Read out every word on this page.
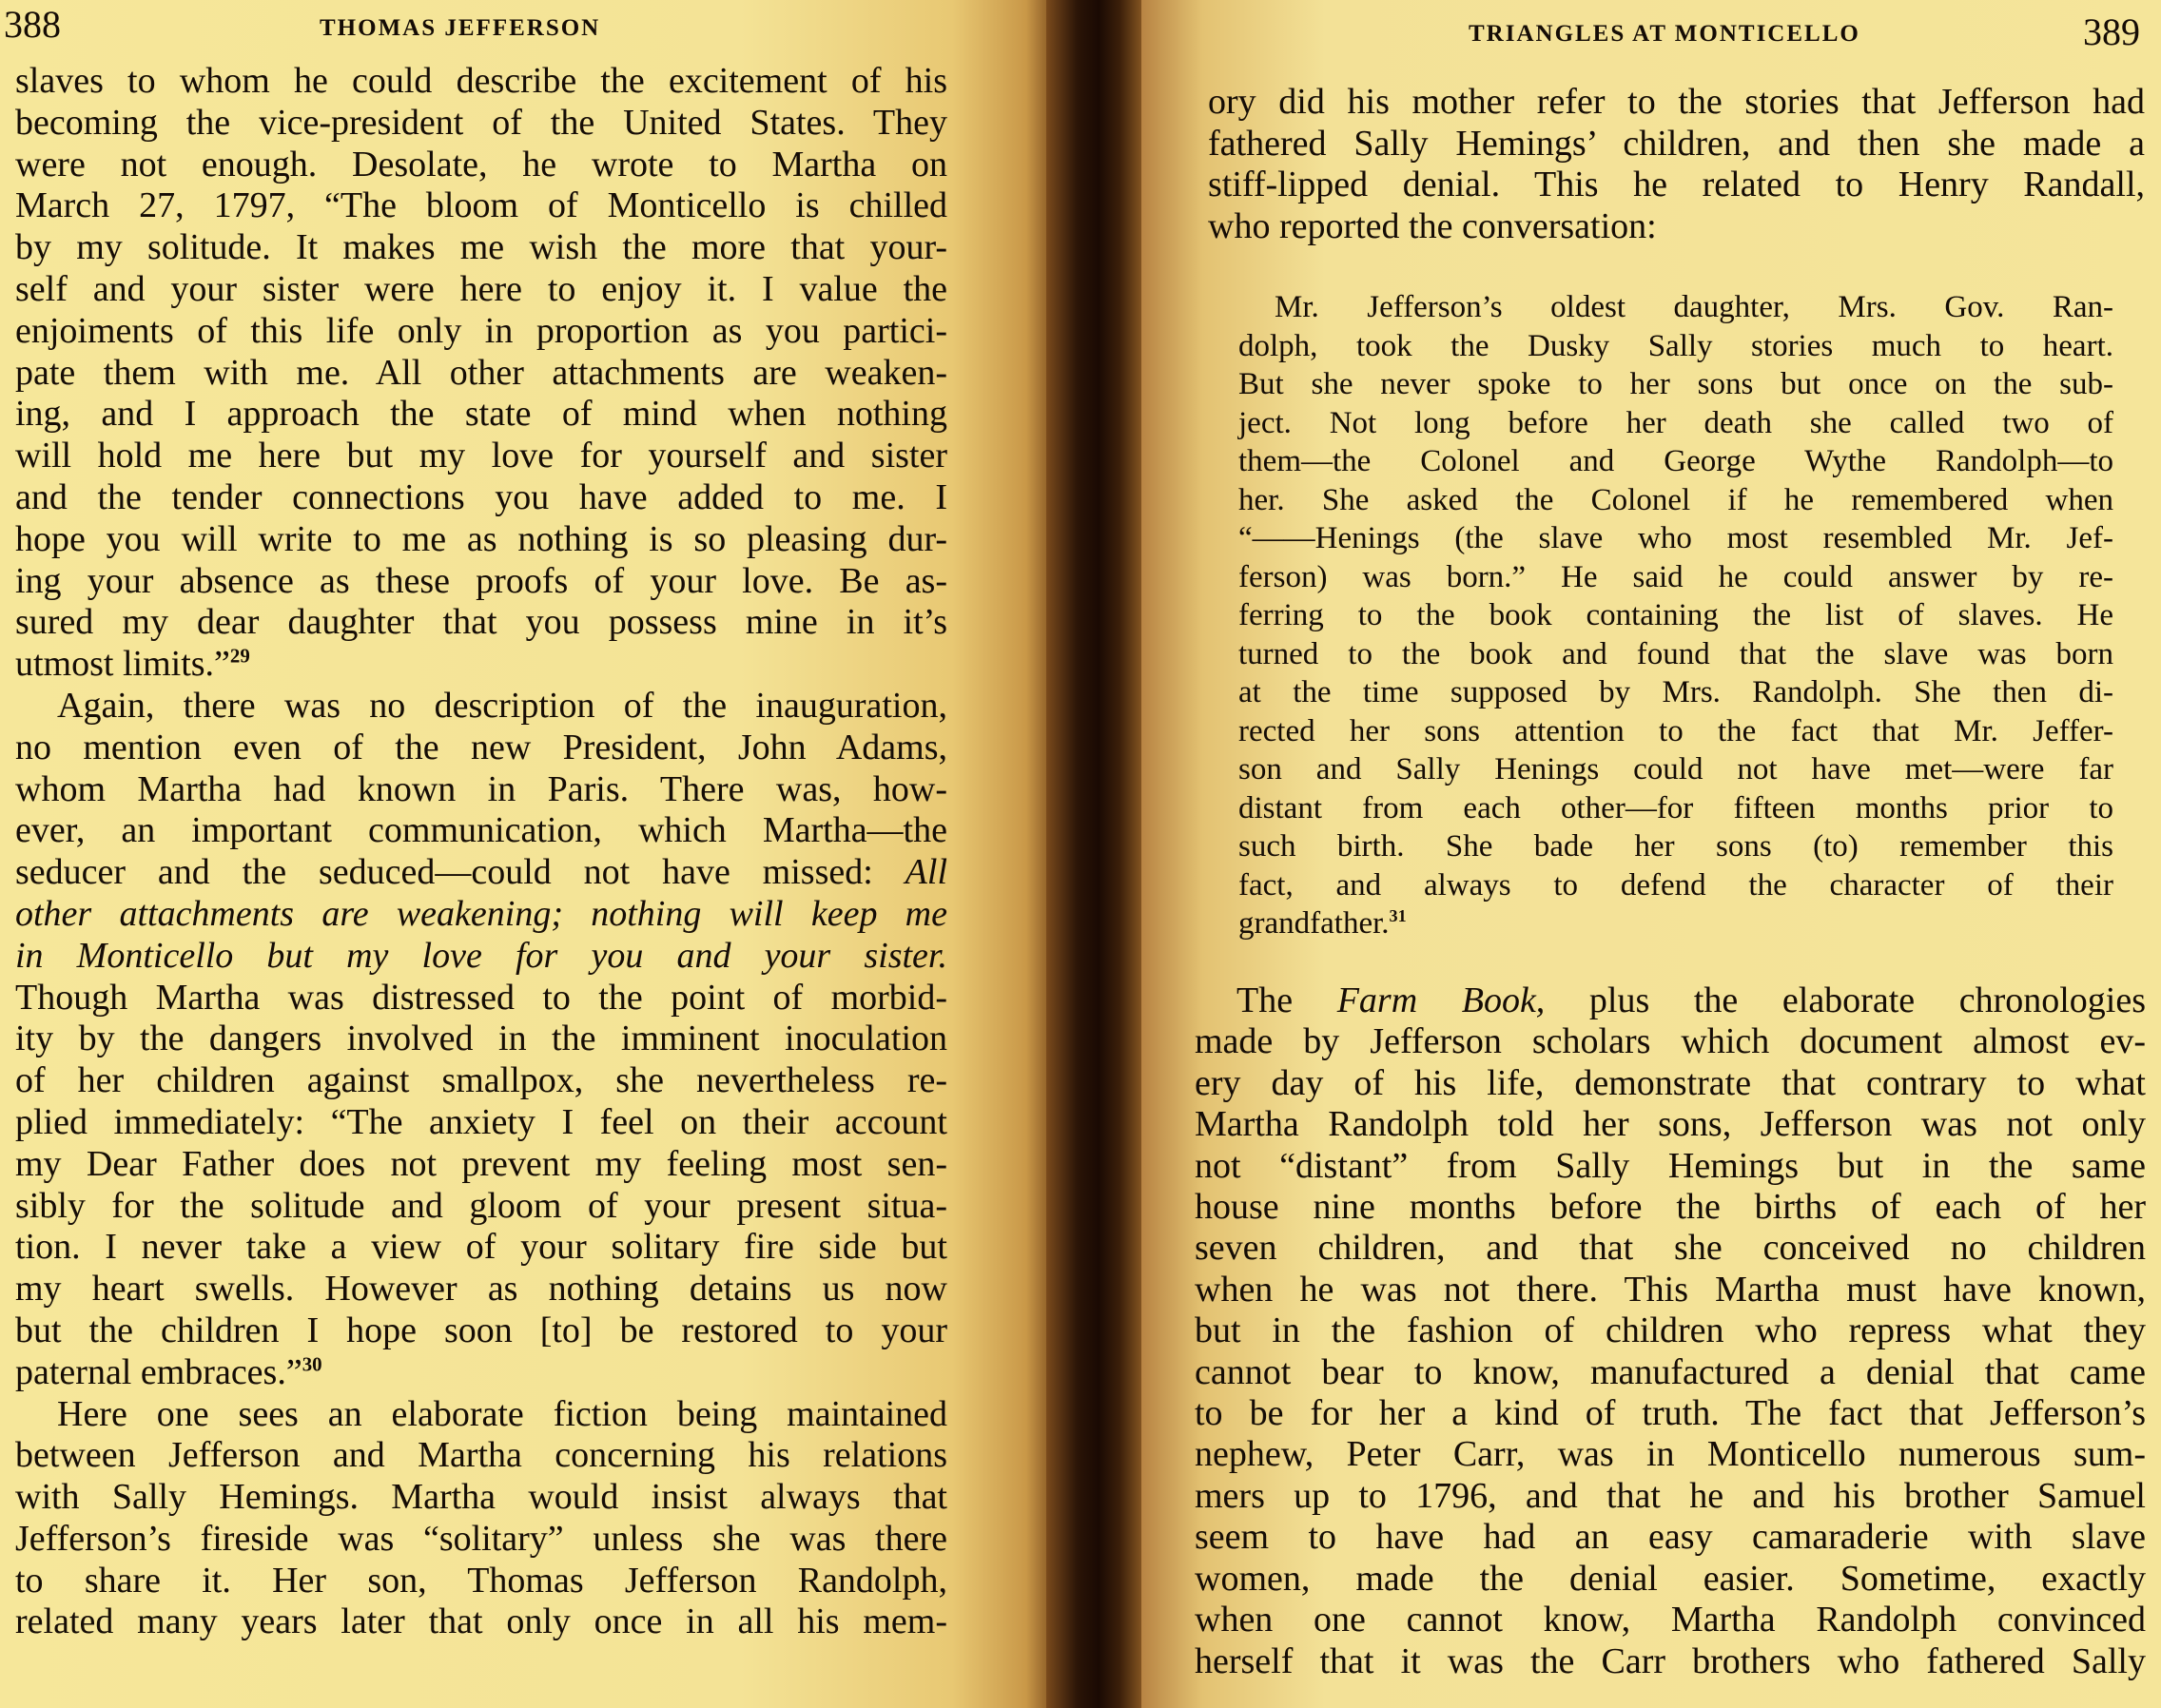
388	THOMAS JEFFERSON
slaves to whom he could describe the excitement of his
becoming the vice-president of the United States. They
were not enough. Desolate, he wrote to Martha on
March 27, 1797, “The bloom of Monticello is chilled
by my solitude. It makes me wish the more that your-
self and your sister were here to enjoy it. I value the
enjoiments of this life only in proportion as you partici-
pate them with me. All other attachments are weaken-
ing, and I approach the state of mind when nothing
will hold me here but my love for yourself and sister
and the tender connections you have added to me. I
hope you will write to me as nothing is so pleasing dur-
ing your absence as these proofs of your love. Be as-
sured my dear daughter that you possess mine in it’s
utmost limits.”$^{29}$
Again, there was no description of the inauguration,
no mention even of the new President, John Adams,
whom Martha had known in Paris. There was, how-
ever, an important communication, which Martha—the
seducer and the seduced—could not have missed: All
other attachments are weakening; nothing will keep me
in Monticello but my love for you and your sister.
Though Martha was distressed to the point of morbid-
ity by the dangers involved in the imminent inoculation
of her children against smallpox, she nevertheless re-
plied immediately: “The anxiety I feel on their account
my Dear Father does not prevent my feeling most sen-
sibly for the solitude and gloom of your present situa-
tion. I never take a view of your solitary fire side but
my heart swells. However as nothing detains us now
but the children I hope soon [to] be restored to your
paternal embraces.”$^{30}$
Here one sees an elaborate fiction being maintained
between Jefferson and Martha concerning his relations
with Sally Hemings. Martha would insist always that
Jefferson’s fireside was “solitary” unless she was there
to share it. Her son, Thomas Jefferson Randolph,
related many years later that only once in all his mem-
TRIANGLES AT MONTICELLO	389
ory did his mother refer to the stories that Jefferson had
fathered Sally Hemings’ children, and then she made a
stiff-lipped denial. This he related to Henry Randall,
who reported the conversation:
Mr. Jefferson’s oldest daughter, Mrs. Gov. Ran-
dolph, took the Dusky Sally stories much to heart.
But she never spoke to her sons but once on the sub-
ject. Not long before her death she called two of
them—the Colonel and George Wythe Randolph—to
her. She asked the Colonel if he remembered when
“——Henings (the slave who most resembled Mr. Jef-
ferson) was born.” He said he could answer by re-
ferring to the book containing the list of slaves. He
turned to the book and found that the slave was born
at the time supposed by Mrs. Randolph. She then di-
rected her sons attention to the fact that Mr. Jeffer-
son and Sally Henings could not have met—were far
distant from each other—for fifteen months prior to
such birth. She bade her sons (to) remember this
fact, and always to defend the character of their
grandfather.$^{31}$
The Farm Book, plus the elaborate chronologies
made by Jefferson scholars which document almost ev-
ery day of his life, demonstrate that contrary to what
Martha Randolph told her sons, Jefferson was not only
not “distant” from Sally Hemings but in the same
house nine months before the births of each of her
seven children, and that she conceived no children
when he was not there. This Martha must have known,
but in the fashion of children who repress what they
cannot bear to know, manufactured a denial that came
to be for her a kind of truth. The fact that Jefferson’s
nephew, Peter Carr, was in Monticello numerous sum-
mers up to 1796, and that he and his brother Samuel
seem to have had an easy camaraderie with slave
women, made the denial easier. Sometime, exactly
when one cannot know, Martha Randolph convinced
herself that it was the Carr brothers who fathered Sally
